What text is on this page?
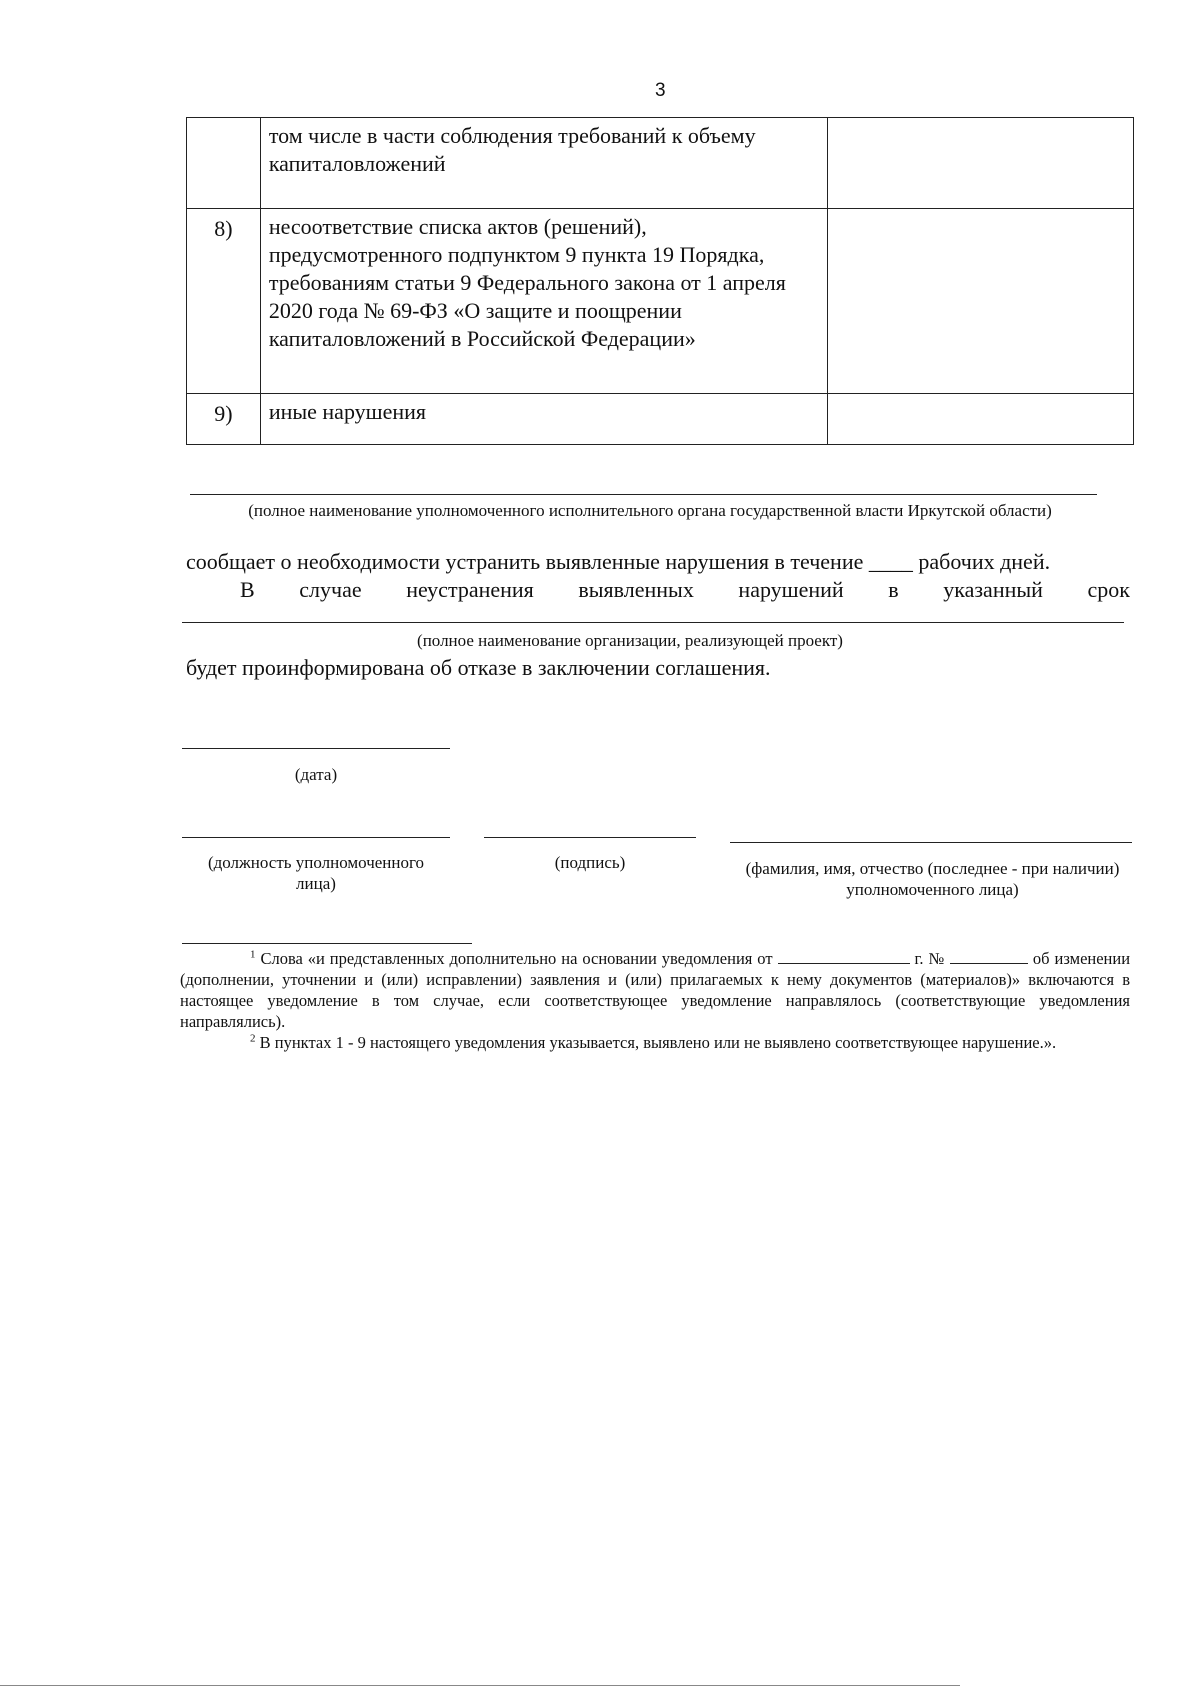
3
	том числе в части соблюдения требований к объему капиталовложений	
8)	несоответствие списка актов (решений), предусмотренного подпунктом 9 пункта 19 Порядка, требованиям статьи 9 Федерального закона от 1 апреля 2020 года № 69-ФЗ «О защите и поощрении капиталовложений в Российской Федерации»	
9)	иные нарушения	
(полное наименование уполномоченного исполнительного органа государственной власти Иркутской области)
сообщает о необходимости устранить выявленные нарушения в течение ____ рабочих дней.
В случае неустранения выявленных нарушений в указанный срок
(полное наименование организации, реализующей проект)
будет проинформирована об отказе в заключении соглашения.
(дата)
(должность уполномоченного лица)
(подпись)	(фамилия, имя, отчество (последнее - при наличии) уполномоченного лица)

$^1$ Слова «и представленных дополнительно на основании уведомления от	г. №	об изменении (дополнении, уточнении и (или) исправлении) заявления и (или) прилагаемых к нему документов (материалов)» включаются в настоящее уведомление в том случае, если соответствующее уведомление направлялось (соответствующие уведомления направлялись).

$^2$ В пунктах 1 - 9 настоящего уведомления указывается, выявлено или не выявлено соответствующее нарушение.».
